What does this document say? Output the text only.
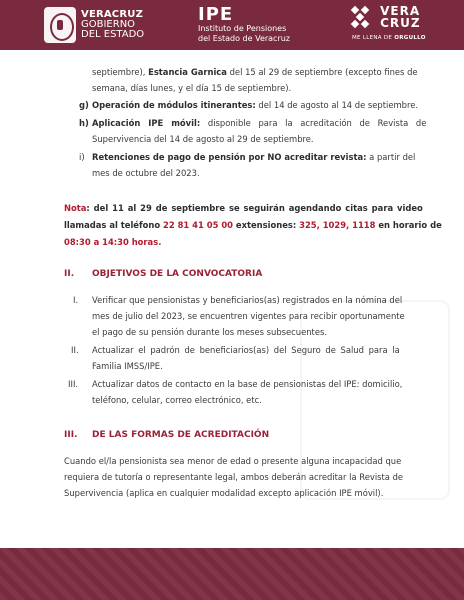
VERACRUZ
GOBIERNO
DEL ESTADO
IPE
Instituto de Pensiones
del Estado de Veracruz
VERA
CRUZ
ME LLENA DE ORGULLO
septiembre), Estancia Garnica del 15 al 29 de septiembre (excepto fines de
semana, días lunes, y el día 15 de septiembre).
g) Operación de módulos itinerantes: del 14 de agosto al 14 de septiembre.
h) Aplicación IPE móvil: disponible para la acreditación de Revista de
Supervivencia del 14 de agosto al 29 de septiembre.
i) Retenciones de pago de pensión por NO acreditar revista: a partir del
mes de octubre del 2023.
Nota: del 11 al 29 de septiembre se seguirán agendando citas para video
llamadas al teléfono 22 81 41 05 00 extensiones: 325, 1029, 1118 en horario de
08:30 a 14:30 horas.
II. OBJETIVOS DE LA CONVOCATORIA
I. Verificar que pensionistas y beneficiarios(as) registrados en la nómina del
mes de julio del 2023, se encuentren vigentes para recibir oportunamente
el pago de su pensión durante los meses subsecuentes.
II. Actualizar el padrón de beneficiarios(as) del Seguro de Salud para la
Familia IMSS/IPE.
III. Actualizar datos de contacto en la base de pensionistas del IPE: domicilio,
teléfono, celular, correo electrónico, etc.
III. DE LAS FORMAS DE ACREDITACIÓN
Cuando el/la pensionista sea menor de edad o presente alguna incapacidad que
requiera de tutoría o representante legal, ambos deberán acreditar la Revista de
Supervivencia (aplica en cualquier modalidad excepto aplicación IPE móvil).
